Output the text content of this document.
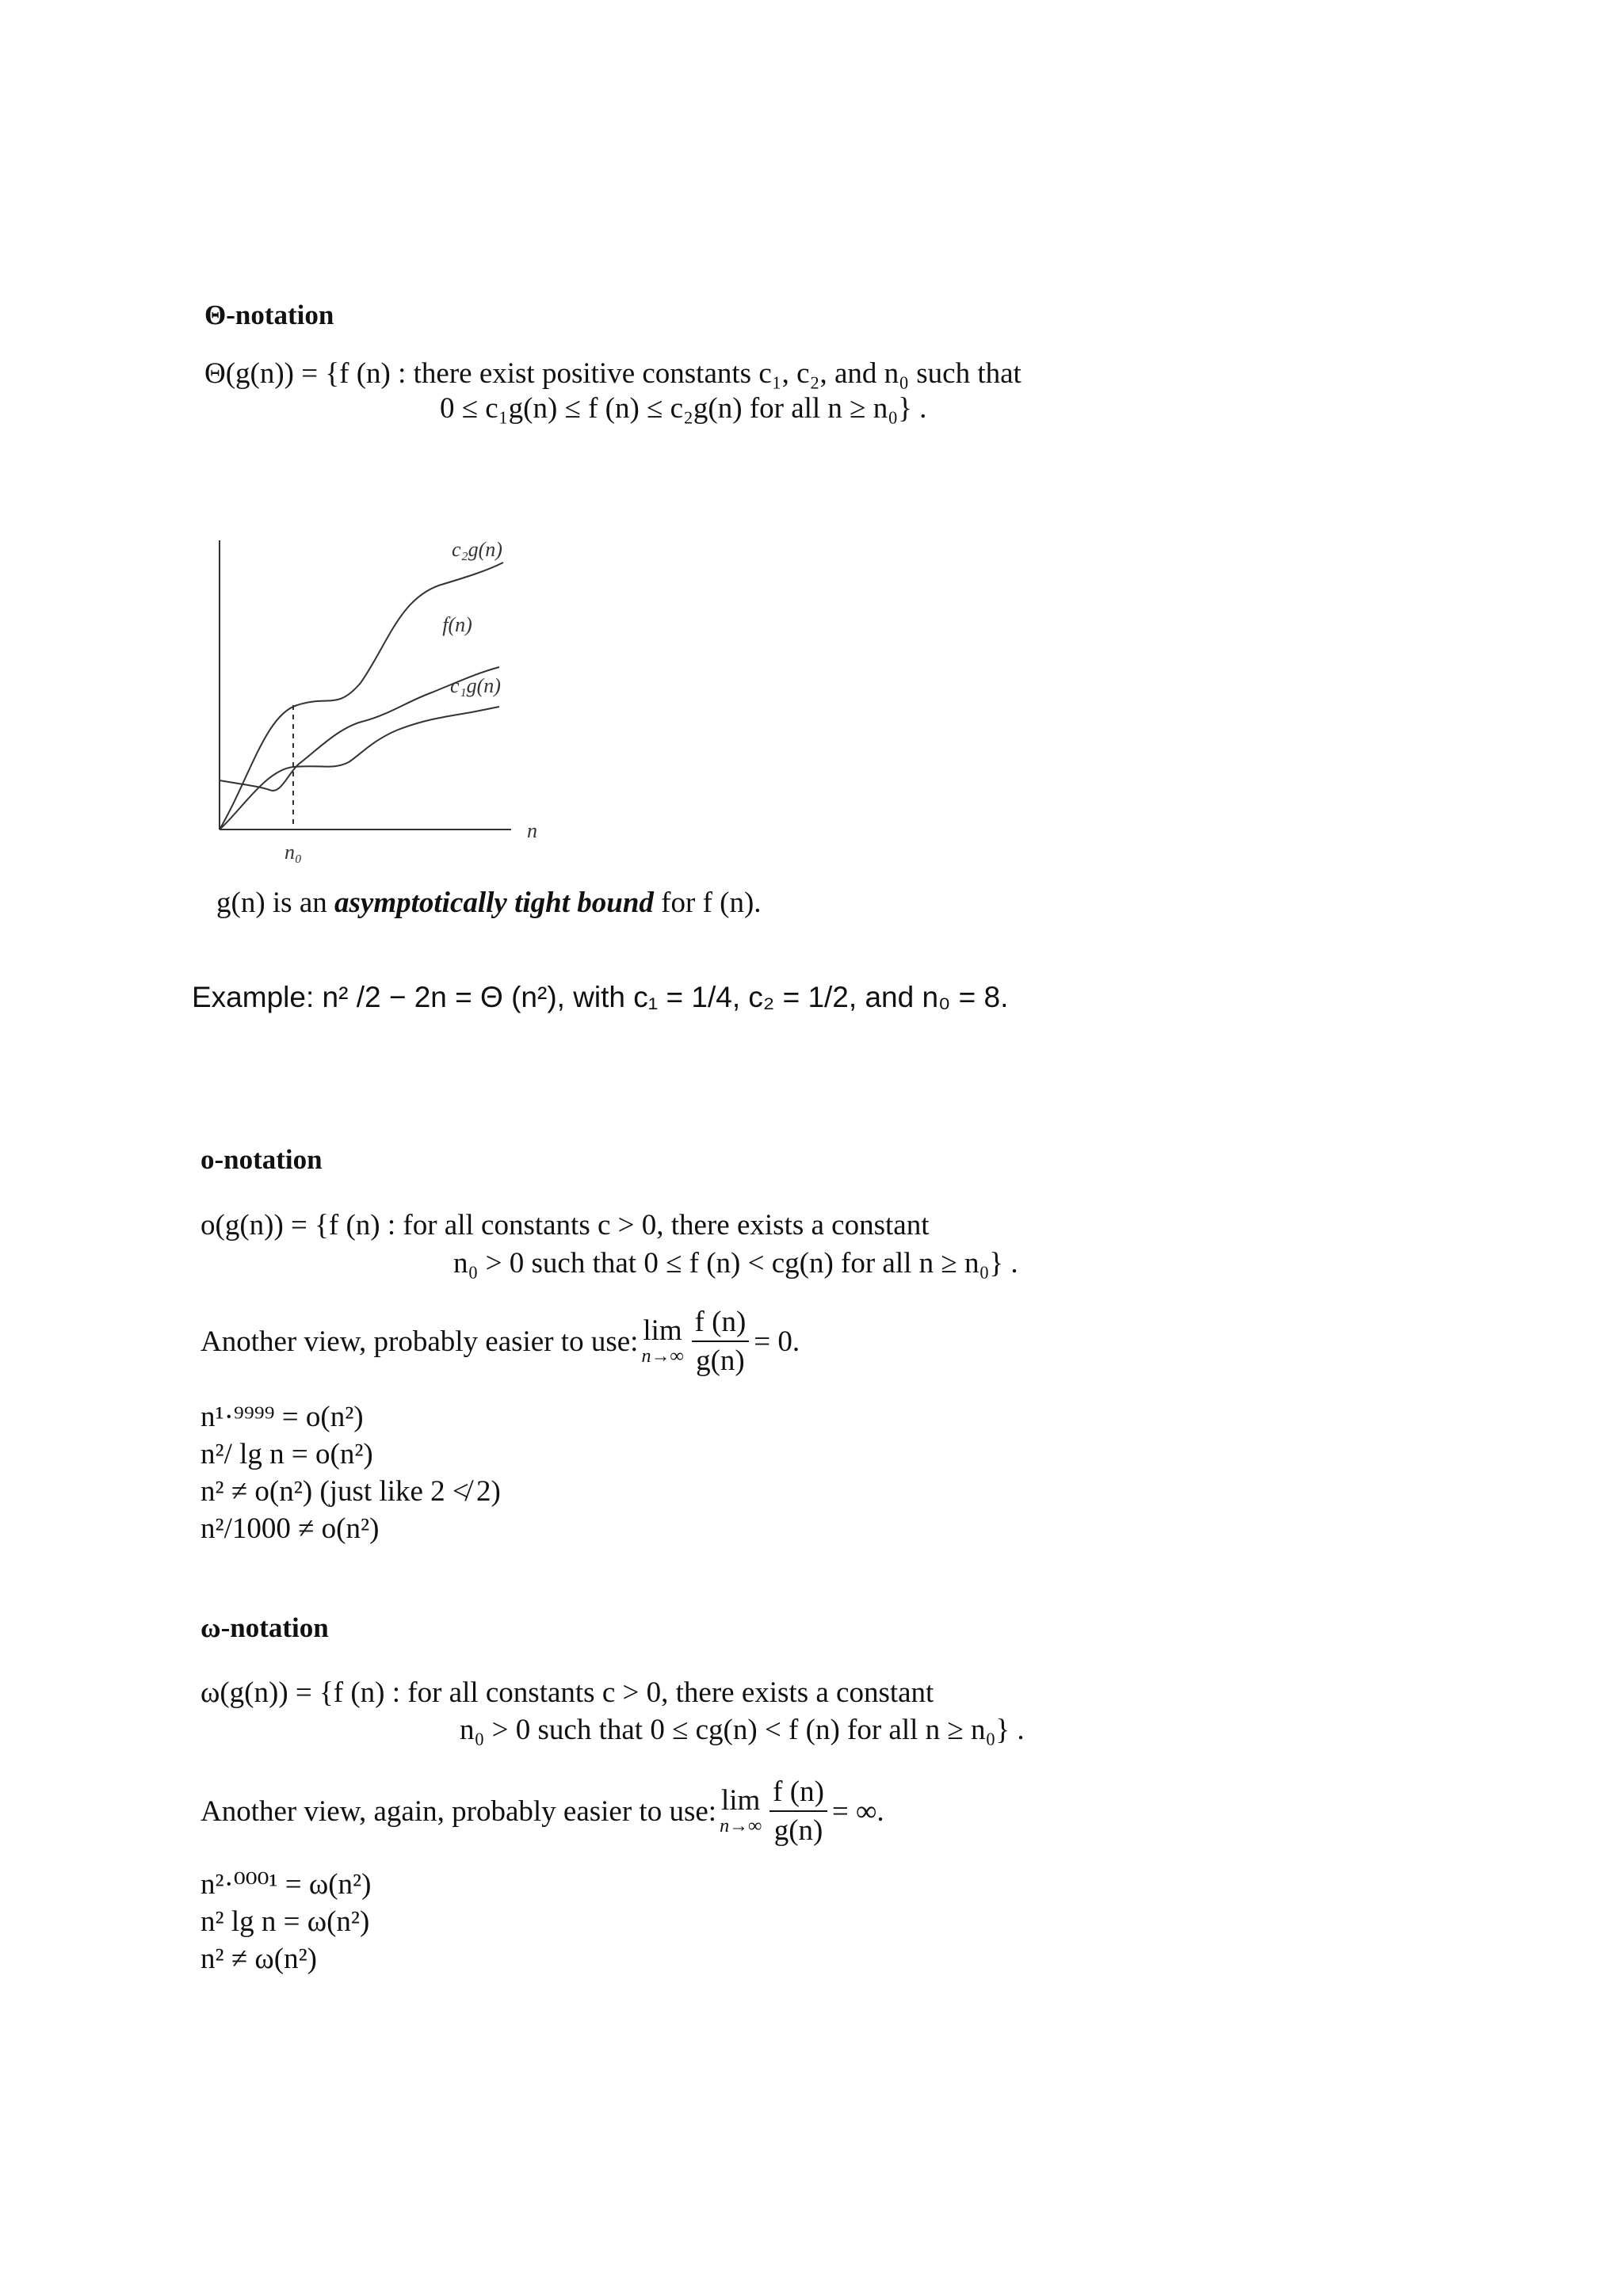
Θ-notation
Θ(g(n)) = {f (n) : there exist positive constants c₁, c₂, and n₀ such that
0 ≤ c₁g(n) ≤ f (n) ≤ c₂g(n) for all n ≥ n₀} .
c₂g(n)
f(n)
c₁g(n)
n
n₀
g(n) is an asymptotically tight bound for f (n).
Example: n² /2 − 2n = Θ (n²), with c₁ = 1/4, c₂ = 1/2, and n₀ = 8.
o-notation
o(g(n)) = {f (n) : for all constants c > 0, there exists a constant
n₀ > 0 such that 0 ≤ f (n) < cg(n) for all n ≥ n₀} .
Another view, probably easier to use: lim
$n\to\infty \frac{f (n)}{g(n)} = 0$.
n¹·⁹⁹⁹⁹ = o(n²)
n²/ lg n = o(n²)
n² ≠ o(n²) (just like 2 ≮ 2)
n²/1000 ≠ o(n²)
ω-notation
ω(g(n)) = {f (n) : for all constants c > 0, there exists a constant
n₀ > 0 such that 0 ≤ cg(n) < f (n) for all n ≥ n₀} .
Another view, again, probably easier to use: lim
$n\to\infty \frac{f (n)}{g(n)}$ = ∞.
n²·⁰⁰⁰¹ = ω(n²)
n² lg n = ω(n²)
n² ≠ ω(n²)
